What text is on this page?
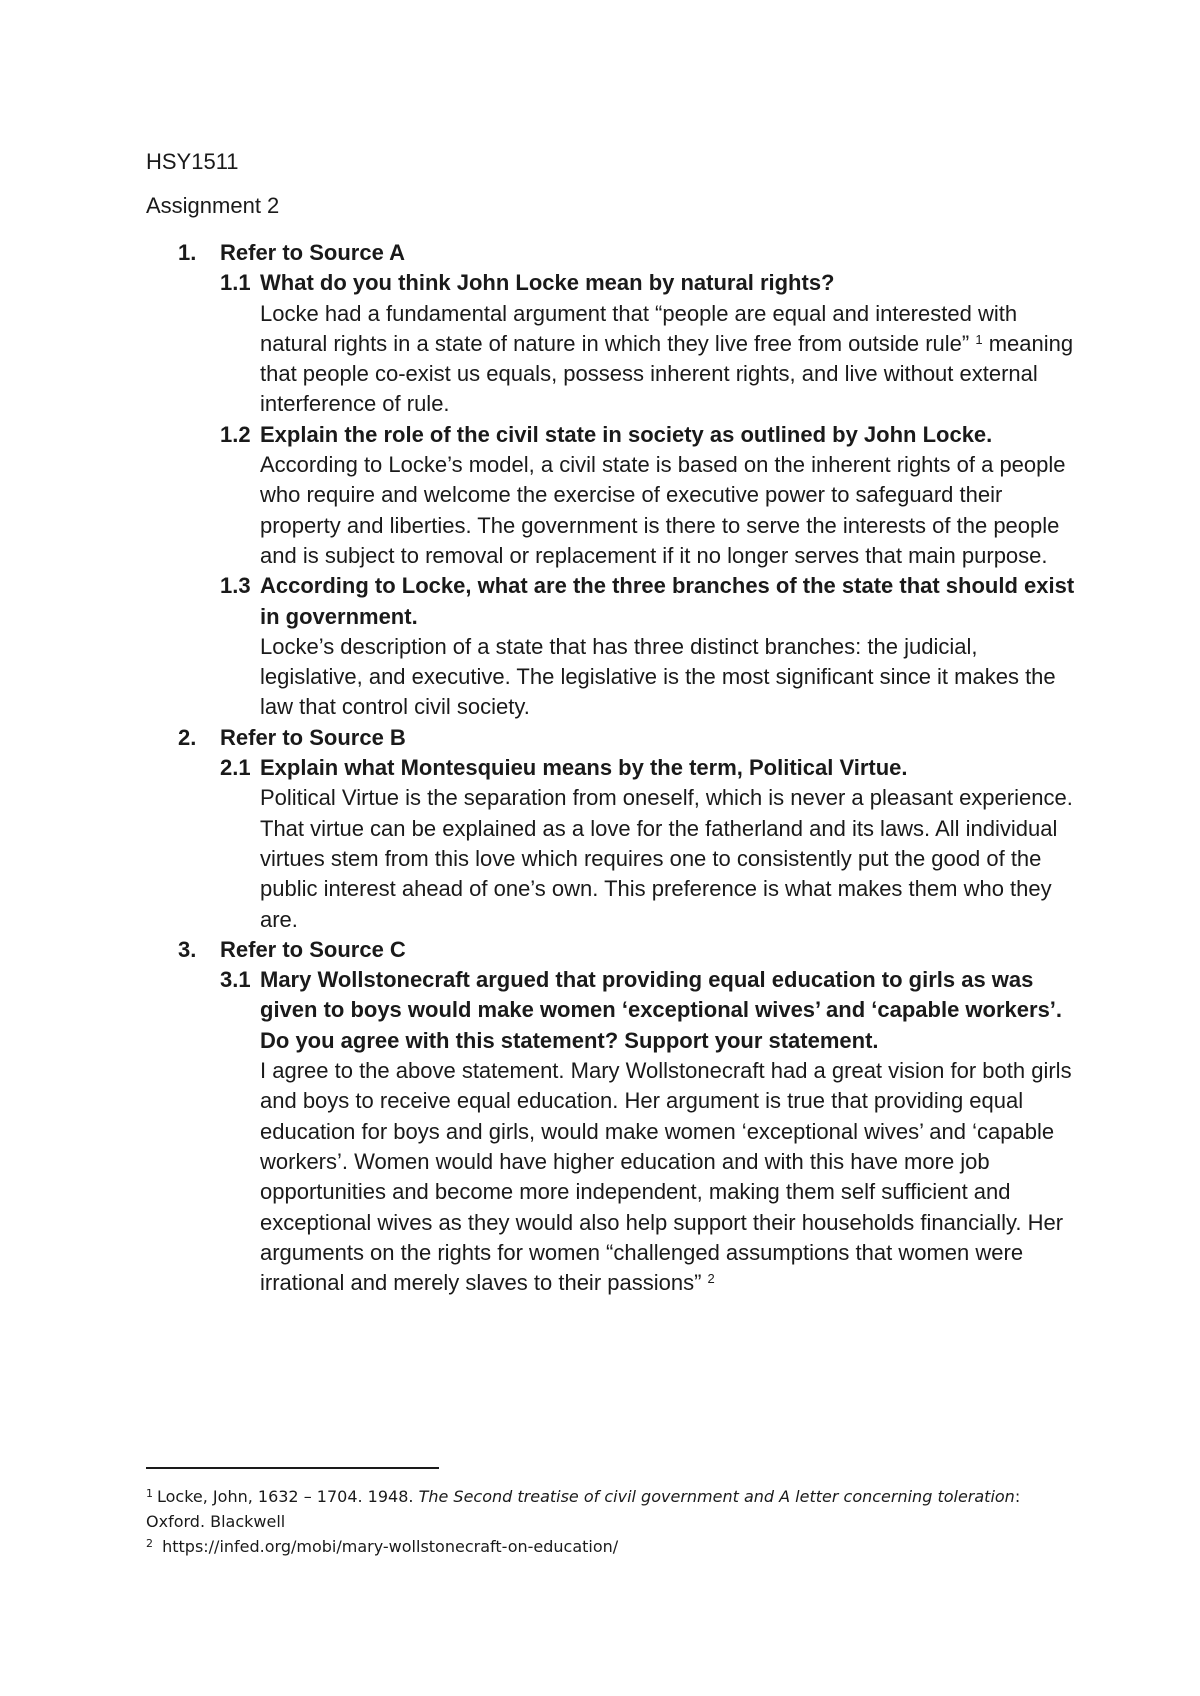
HSY1511
Assignment 2
1. Refer to Source A
1.1 What do you think John Locke mean by natural rights?
Locke had a fundamental argument that “people are equal and interested with natural rights in a state of nature in which they live free from outside rule” $^1$ meaning that people co-exist us equals, possess inherent rights, and live without external interference of rule.
1.2 Explain the role of the civil state in society as outlined by John Locke.
According to Locke’s model, a civil state is based on the inherent rights of a people who require and welcome the exercise of executive power to safeguard their property and liberties. The government is there to serve the interests of the people and is subject to removal or replacement if it no longer serves that main purpose.
1.3 According to Locke, what are the three branches of the state that should exist in government.
Locke’s description of a state that has three distinct branches: the judicial, legislative, and executive. The legislative is the most significant since it makes the law that control civil society.
2. Refer to Source B
2.1 Explain what Montesquieu means by the term, Political Virtue.
Political Virtue is the separation from oneself, which is never a pleasant experience. That virtue can be explained as a love for the fatherland and its laws. All individual virtues stem from this love which requires one to consistently put the good of the public interest ahead of one’s own. This preference is what makes them who they are.
3. Refer to Source C
3.1 Mary Wollstonecraft argued that providing equal education to girls as was given to boys would make women ‘exceptional wives’ and ‘capable workers’. Do you agree with this statement? Support your statement.
I agree to the above statement. Mary Wollstonecraft had a great vision for both girls and boys to receive equal education. Her argument is true that providing equal education for boys and girls, would make women ‘exceptional wives’ and ‘capable workers’. Women would have higher education and with this have more job opportunities and become more independent, making them self sufficient and exceptional wives as they would also help support their households financially. Her arguments on the rights for women “challenged assumptions that women were irrational and merely slaves to their passions” $^2$

$^1$ Locke, John, 1632 – 1704. 1948. The Second treatise of civil government and A letter concerning toleration: Oxford. Blackwell

$^2$ https://infed.org/mobi/mary-wollstonecraft-on-education/
